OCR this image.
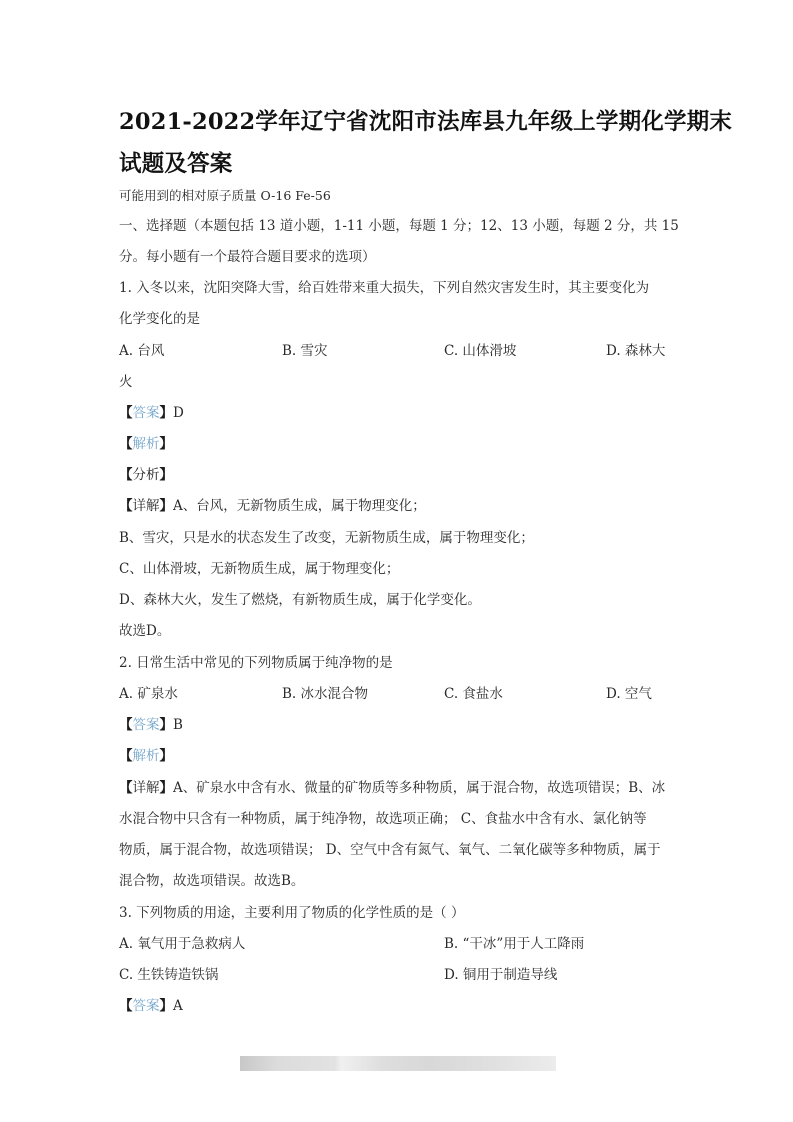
2021-2022学年辽宁省沈阳市法库县九年级上学期化学期末
试题及答案
可能用到的相对原子质量 O-16 Fe-56
一、选择题（本题包括 13 道小题，1-11 小题，每题 1 分；12、13 小题，每题 2 分，共 15
分。每小题有一个最符合题目要求的选项）
1. 入冬以来，沈阳突降大雪，给百姓带来重大损失，下列自然灾害发生时，其主要变化为
化学变化的是
A. 台风	B. 雪灾	C. 山体滑坡	D. 森林大
火
【答案】D
【解析】
【分析】
【详解】A、台风，无新物质生成，属于物理变化；
B、雪灾，只是水的状态发生了改变，无新物质生成，属于物理变化；
C、山体滑坡，无新物质生成，属于物理变化；
D、森林大火，发生了燃烧，有新物质生成，属于化学变化。
故选D。
2. 日常生活中常见的下列物质属于纯净物的是
A. 矿泉水	B. 冰水混合物	C. 食盐水	D. 空气
【答案】B
【解析】
【详解】A、矿泉水中含有水、微量的矿物质等多种物质，属于混合物，故选项错误；B、冰
水混合物中只含有一种物质，属于纯净物，故选项正确； C、食盐水中含有水、氯化钠等
物质，属于混合物，故选项错误； D、空气中含有氮气、氧气、二氧化碳等多种物质，属于
混合物，故选项错误。故选B。
3. 下列物质的用途，主要利用了物质的化学性质的是（ ）
A. 氧气用于急救病人	B. “干冰”用于人工降雨
C. 生铁铸造铁锅	D. 铜用于制造导线
【答案】A
